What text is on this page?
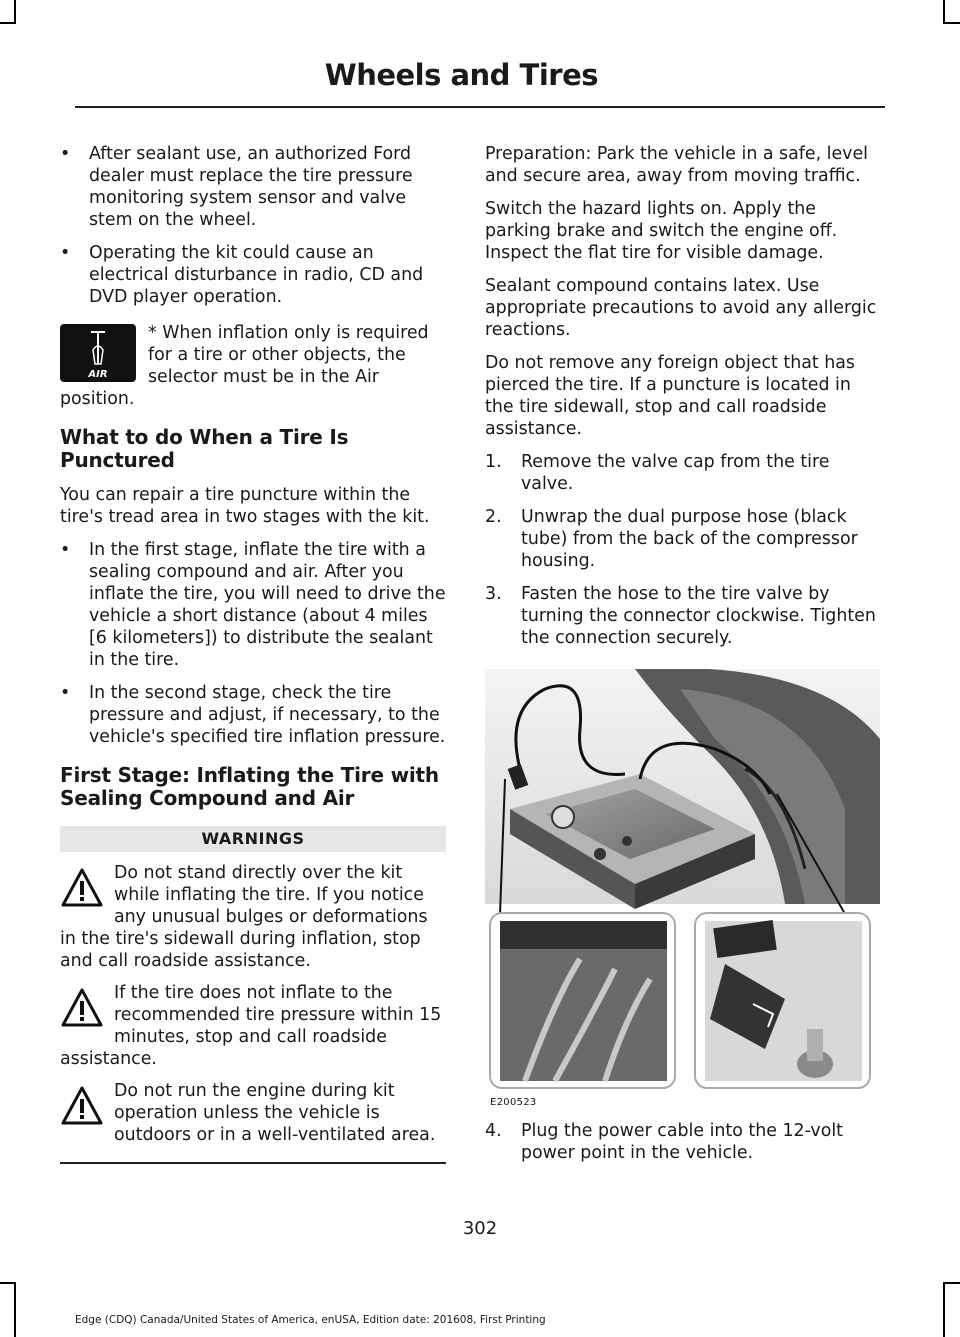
Wheels and Tires
• After sealant use, an authorized Ford dealer must replace the tire pressure monitoring system sensor and valve stem on the wheel.
• Operating the kit could cause an electrical disturbance in radio, CD and DVD player operation.
AIR
* When inflation only is required for a tire or other objects, the selector must be in the Air position.
What to do When a Tire Is Punctured

You can repair a tire puncture within the tire's tread area in two stages with the kit.

• In the first stage, inflate the tire with a sealing compound and air. After you inflate the tire, you will need to drive the vehicle a short distance (about 4 miles [6 kilometers]) to distribute the sealant in the tire.
• In the second stage, check the tire pressure and adjust, if necessary, to the vehicle's specified tire inflation pressure.
First Stage: Inflating the Tire with Sealing Compound and Air
WARNINGS
Do not stand directly over the kit while inflating the tire. If you notice any unusual bulges or deformations in the tire's sidewall during inflation, stop and call roadside assistance.
If the tire does not inflate to the recommended tire pressure within 15 minutes, stop and call roadside assistance.
Do not run the engine during kit operation unless the vehicle is outdoors or in a well-ventilated area.

Preparation: Park the vehicle in a safe, level and secure area, away from moving traffic.

Switch the hazard lights on. Apply the parking brake and switch the engine off. Inspect the flat tire for visible damage.

Sealant compound contains latex. Use appropriate precautions to avoid any allergic reactions.

Do not remove any foreign object that has pierced the tire. If a puncture is located in the tire sidewall, stop and call roadside assistance.

1. Remove the valve cap from the tire valve.
2. Unwrap the dual purpose hose (black tube) from the back of the compressor housing.
3. Fasten the hose to the tire valve by turning the connector clockwise. Tighten the connection securely.
E200523
4. Plug the power cable into the 12-volt power point in the vehicle.
302
Edge (CDQ) Canada/United States of America, enUSA, Edition date: 201608, First Printing
